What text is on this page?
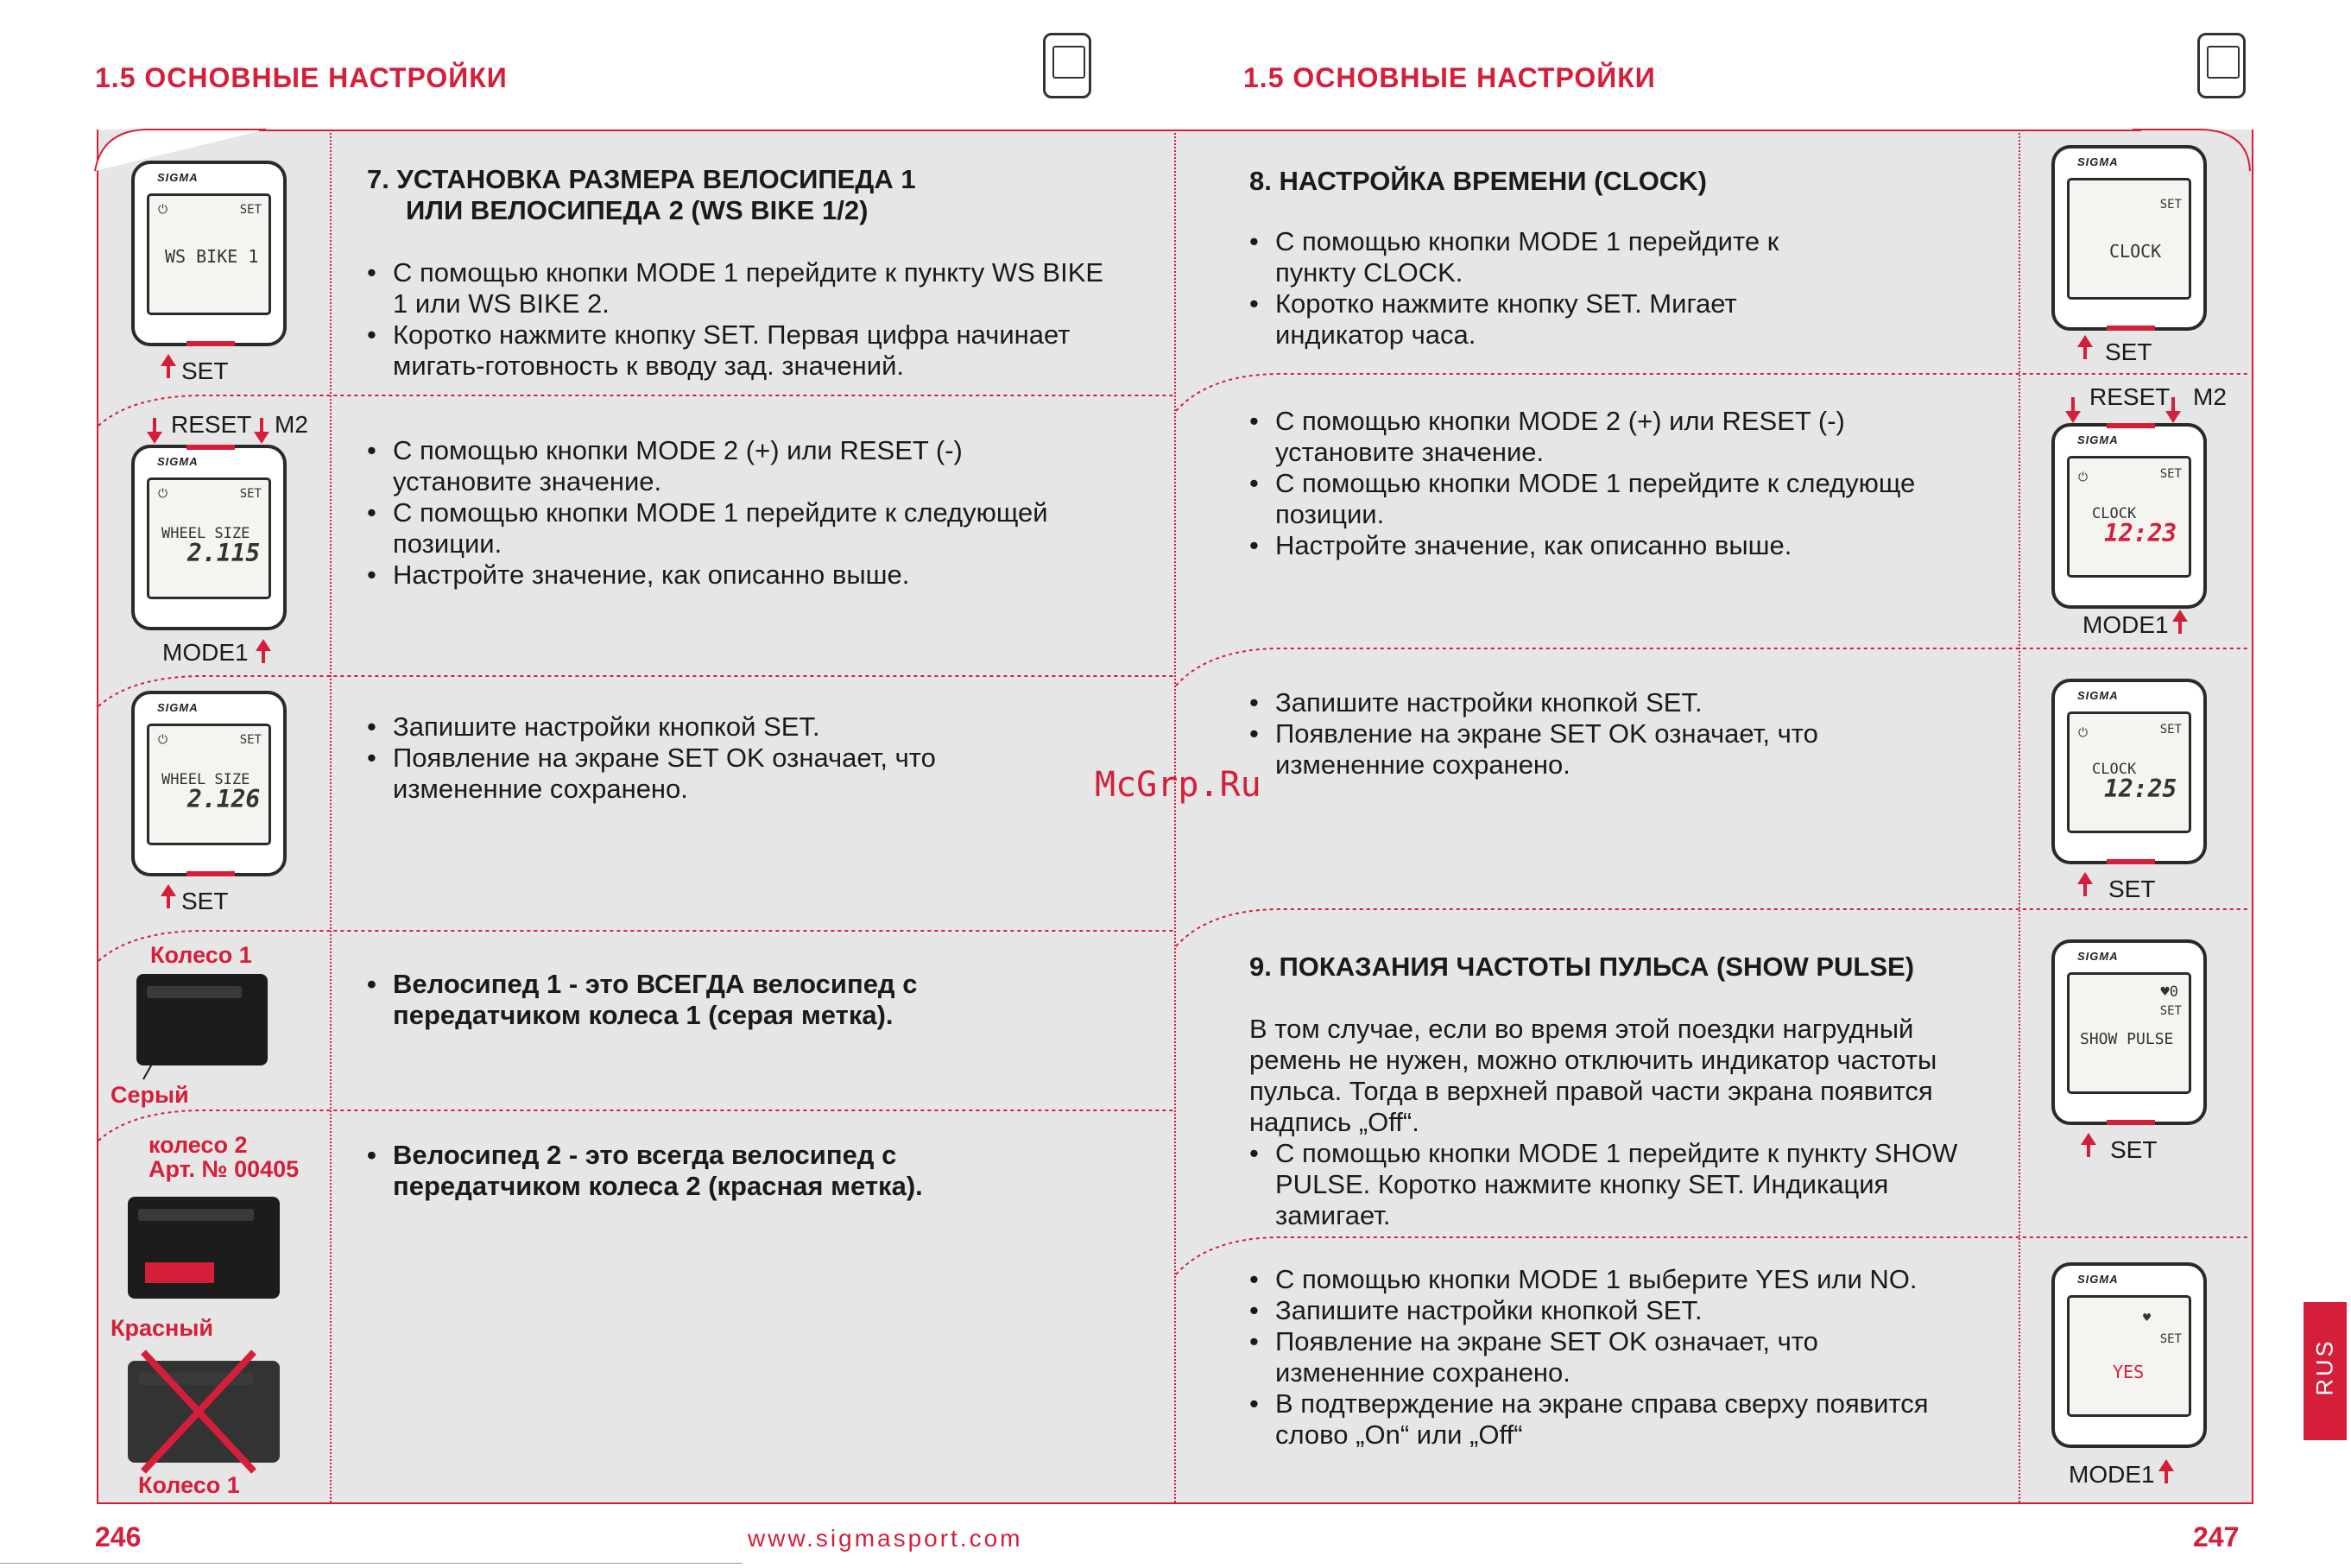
1.5 ОСНОВНЫЕ НАСТРОЙКИ	1.5 ОСНОВНЫЕ НАСТРОЙКИ
7. УСТАНОВКА РАЗМЕРА ВЕЛОСИПЕДА 1
ИЛИ ВЕЛОСИПЕДА 2 (WS BIKE 1/2)
• С помощью кнопки MODE 1 перейдите к пункту WS BIKE 1 или WS BIKE 2.
• Коротко нажмите кнопку SET. Первая цифра начинает мигать-готовность к вводу зад. значений.
• С помощью кнопки MODE 2 (+) или RESET (-) установите значение.
• С помощью кнопки MODE 1 перейдите к следующей позиции.
• Настройте значение, как описанно выше.
• Запишите настройки кнопкой SET.
• Появление на экране SET OK означает, что измененние сохранено.
• Велосипед 1 - это ВСЕГДА велосипед с передатчиком колеса 1 (серая метка).
• Велосипед 2 - это всегда велосипед с передатчиком колеса 2 (красная метка).
SIGMA
⏻	SET
WS BIKE 1
SET
RESET M2
SIGMA
⏻	SET
WHEEL SIZE
2.115
MODE1
SIGMA
⏻	SET
WHEEL SIZE
2.126
SET
Колесо 1
Серый
колесо 2
Арт. № 00405
Красный
Колесо 1
8. НАСТРОЙКА ВРЕМЕНИ (CLOCK)
• С помощью кнопки MODE 1 перейдите к пункту CLOCK.
• Коротко нажмите кнопку SET. Мигает индикатор часа.
• С помощью кнопки MODE 2 (+) или RESET (-) установите значение.
• С помощью кнопки MODE 1 перейдите к следующе позиции.
• Настройте значение, как описанно выше.
• Запишите настройки кнопкой SET.
• Появление на экране SET OK означает, что измененние сохранено.
9. ПОКАЗАНИЯ ЧАСТОТЫ ПУЛЬСА (SHOW PULSE)
В том случае, если во время этой поездки нагрудный ремень не нужен, можно отключить индикатор частоты пульса. Тогда в верхней правой части экрана появится надпись „Off“.
• С помощью кнопки MODE 1 перейдите к пункту SHOW PULSE. Коротко нажмите кнопку SET. Индикация замигает.
• С помощью кнопки MODE 1 выберите YES или NO.
• Запишите настройки кнопкой SET.
• Появление на экране SET OK означает, что измененние сохранено.
• В подтверждение на экране справа сверху появится слово „On“ или „Off“
SIGMA
SET
CLOCK
SET
RESET M2
SIGMA
⏻	SET
CLOCK
12:23
MODE1
SIGMA
⏻	SET
CLOCK
12:25
SET
SIGMA
♥0
SET
SHOW PULSE
SET
SIGMA
♥
SET
YES
MODE1
RUS
McGrp.Ru
246	www.sigmasport.com	247
